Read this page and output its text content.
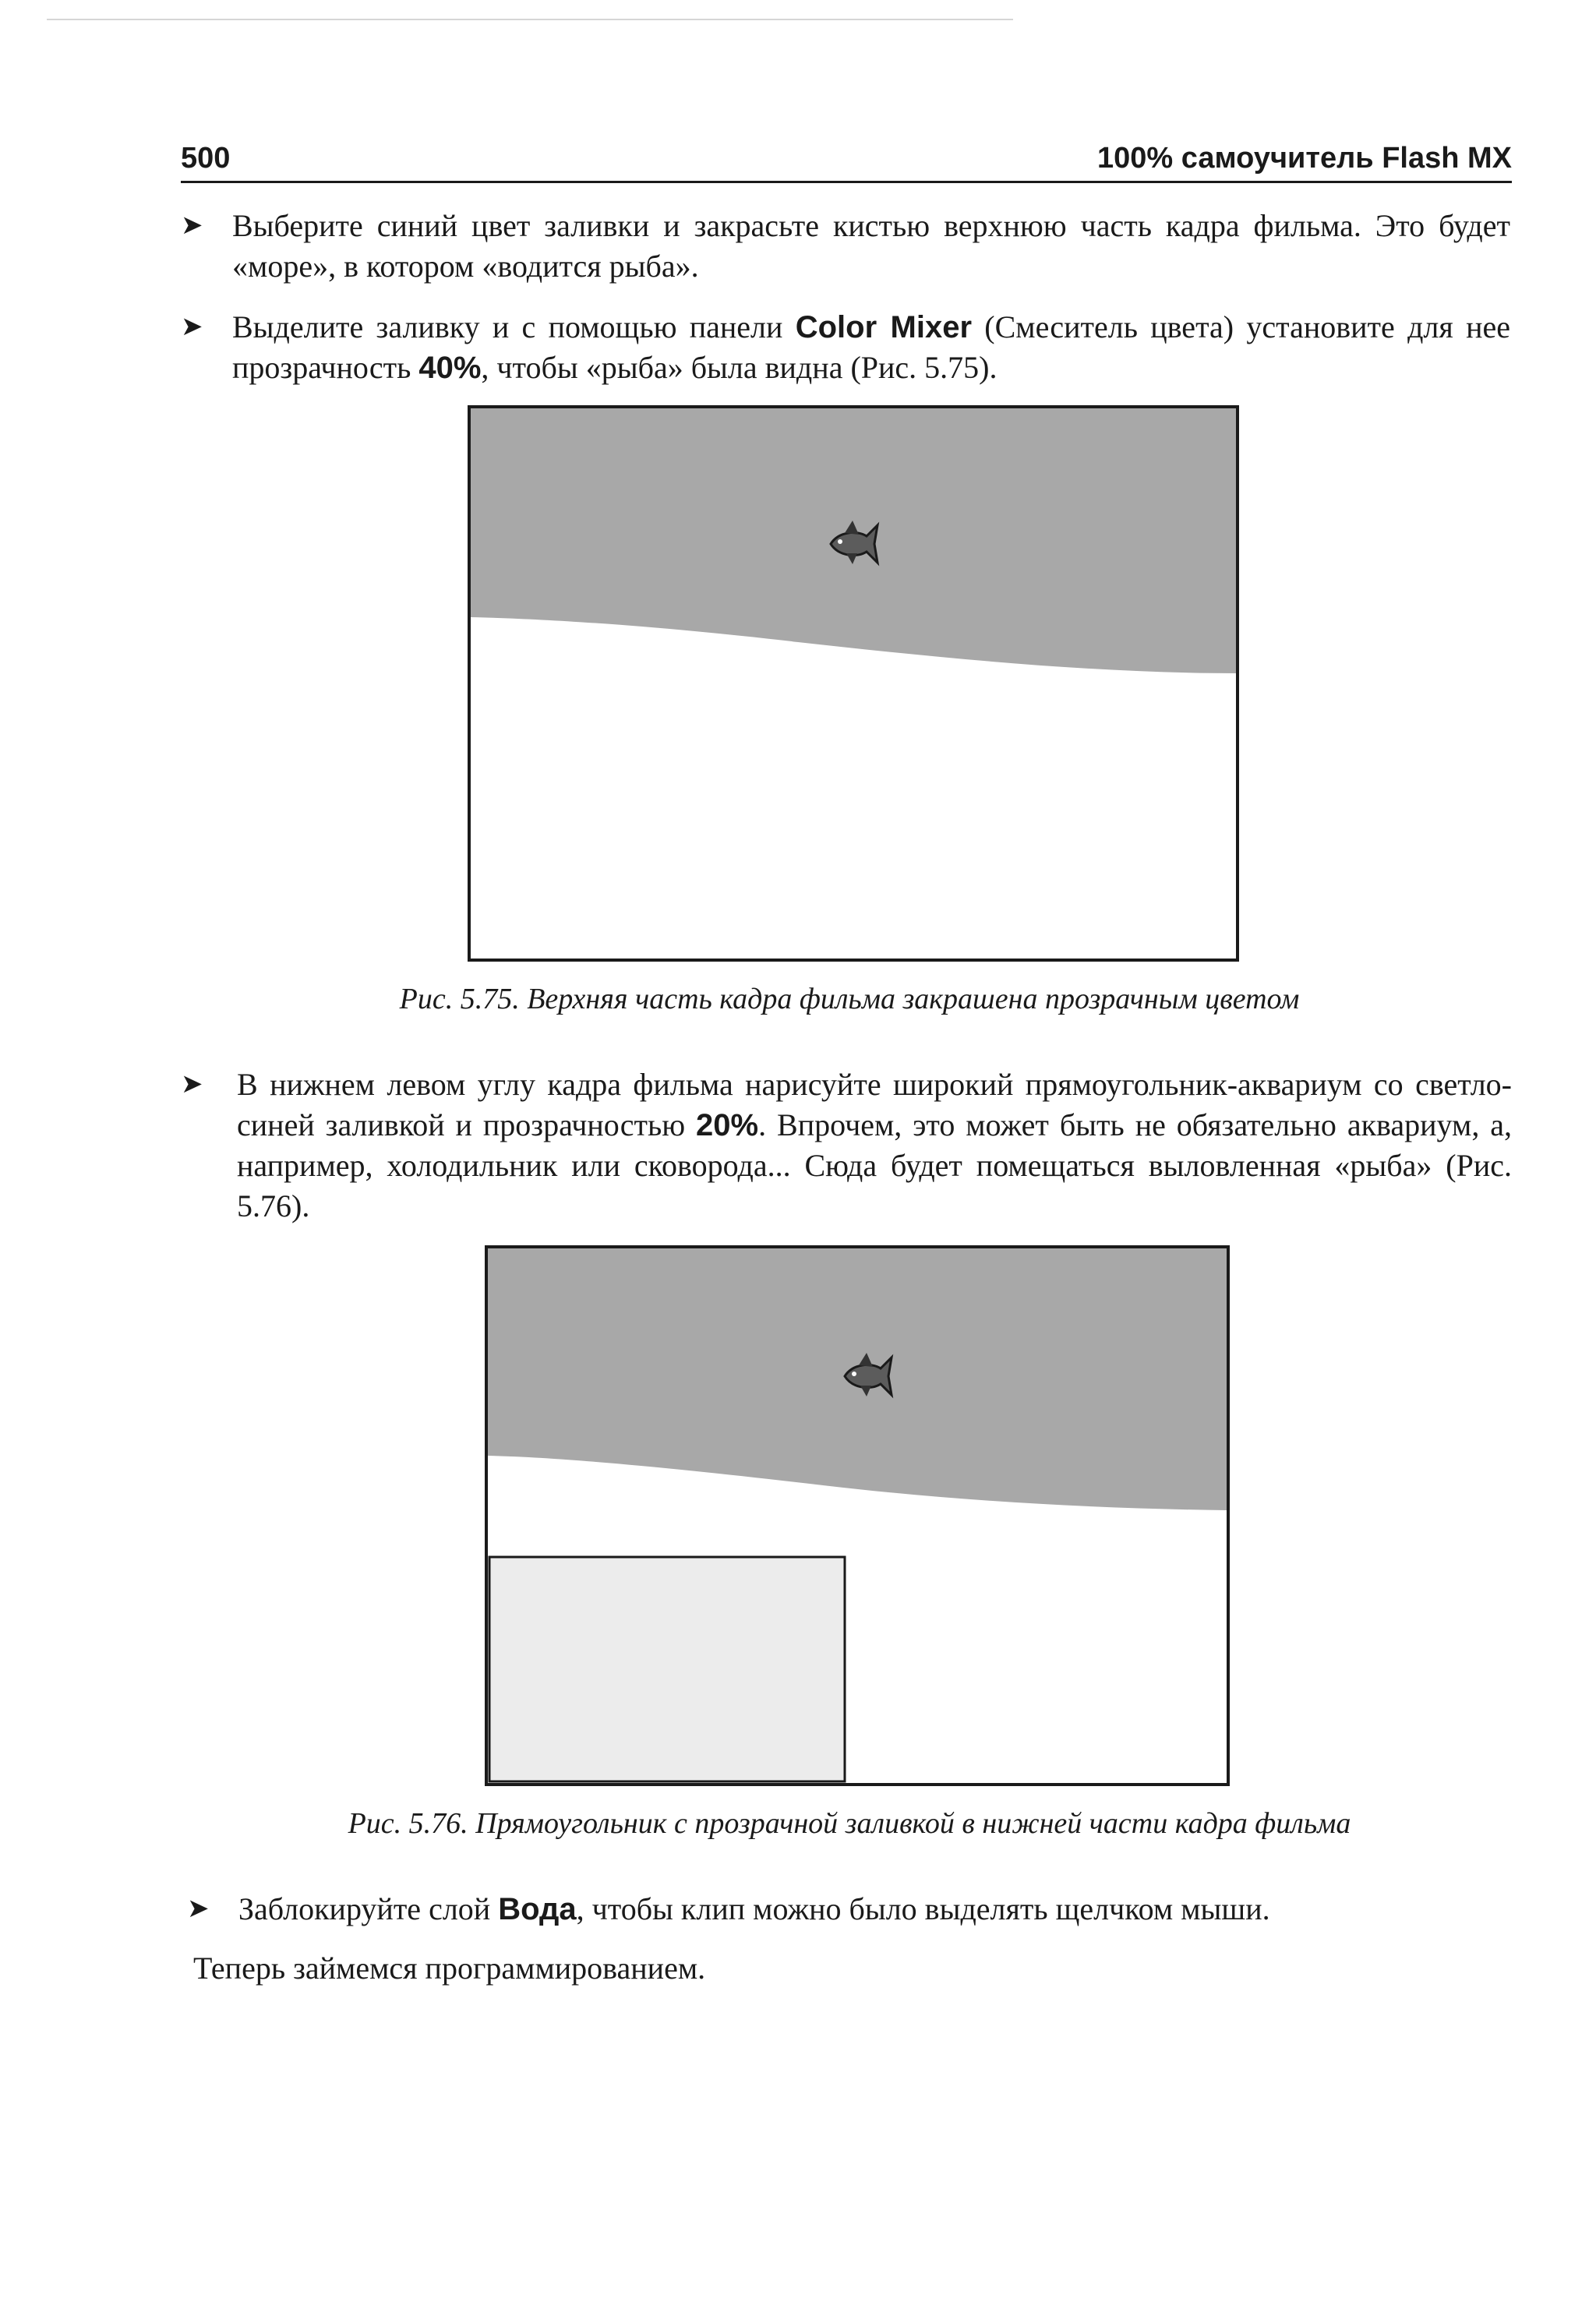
500	100% самоучитель Flash MX
➤ Выберите синий цвет заливки и закрасьте кистью верхнюю часть кадра фильма. Это будет «море», в котором «водится рыба».
➤ Выделите заливку и с помощью панели Color Mixer (Смеситель цвета) установите для нее прозрачность 40%, чтобы «рыба» была видна (Рис. 5.75).
Рис. 5.75. Верхняя часть кадра фильма закрашена прозрачным цветом
➤ В нижнем левом углу кадра фильма нарисуйте широкий прямоугольник-аквариум со светло-синей заливкой и прозрачностью 20%. Впрочем, это может быть не обязательно аквариум, а, например, холодильник или сковорода... Сюда будет помещаться выловленная «рыба» (Рис. 5.76).
Рис. 5.76. Прямоугольник с прозрачной заливкой в нижней части кадра фильма
➤ Заблокируйте слой Вода, чтобы клип можно было выделять щелчком мыши.
Теперь займемся программированием.
